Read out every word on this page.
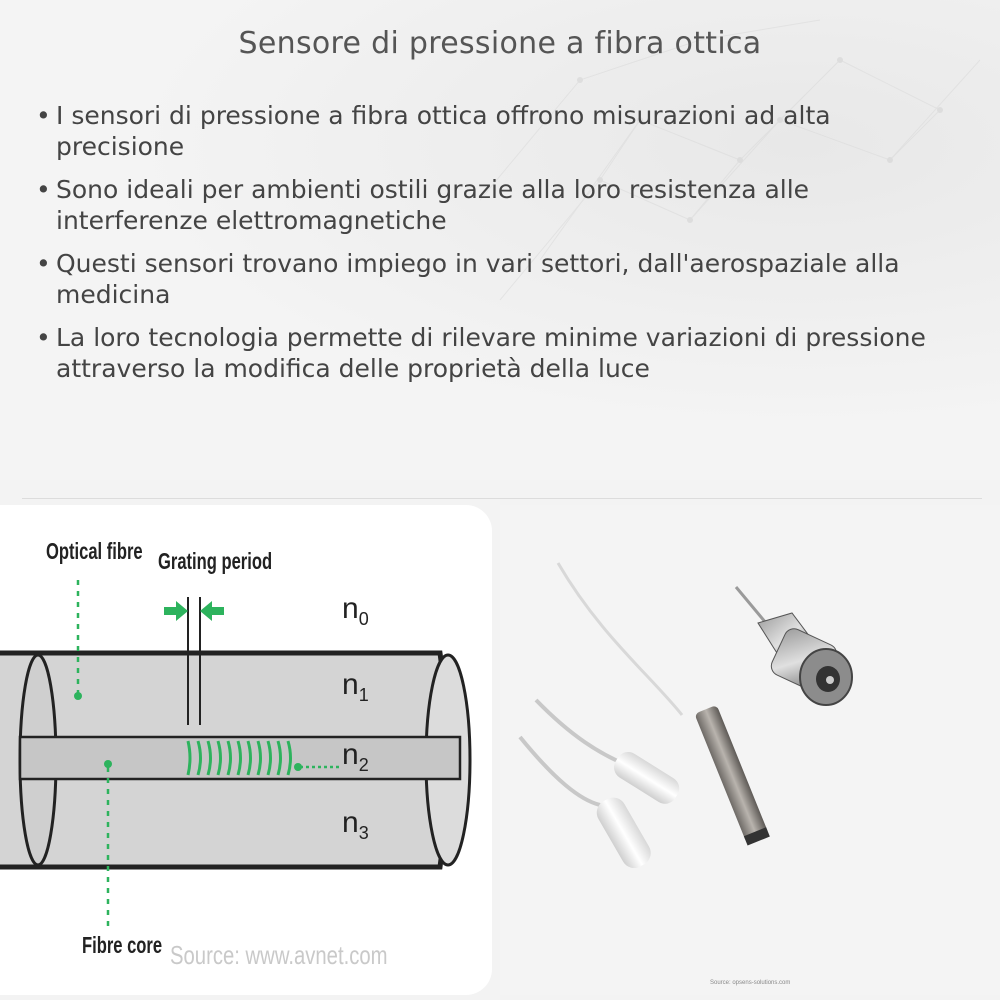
Sensore di pressione a fibra ottica
• I sensori di pressione a fibra ottica offrono misurazioni ad alta precisione
• Sono ideali per ambienti ostili grazie alla loro resistenza alle interferenze elettromagnetiche
• Questi sensori trovano impiego in vari settori, dall'aerospaziale alla medicina
• La loro tecnologia permette di rilevare minime variazioni di pressione attraverso la modifica delle proprietà della luce
Optical fibre Grating period
Fibre core
$n_0$
$n_1$
$n_2$
$n_3$
Source: www.avnet.com
Source: opsens-solutions.com
